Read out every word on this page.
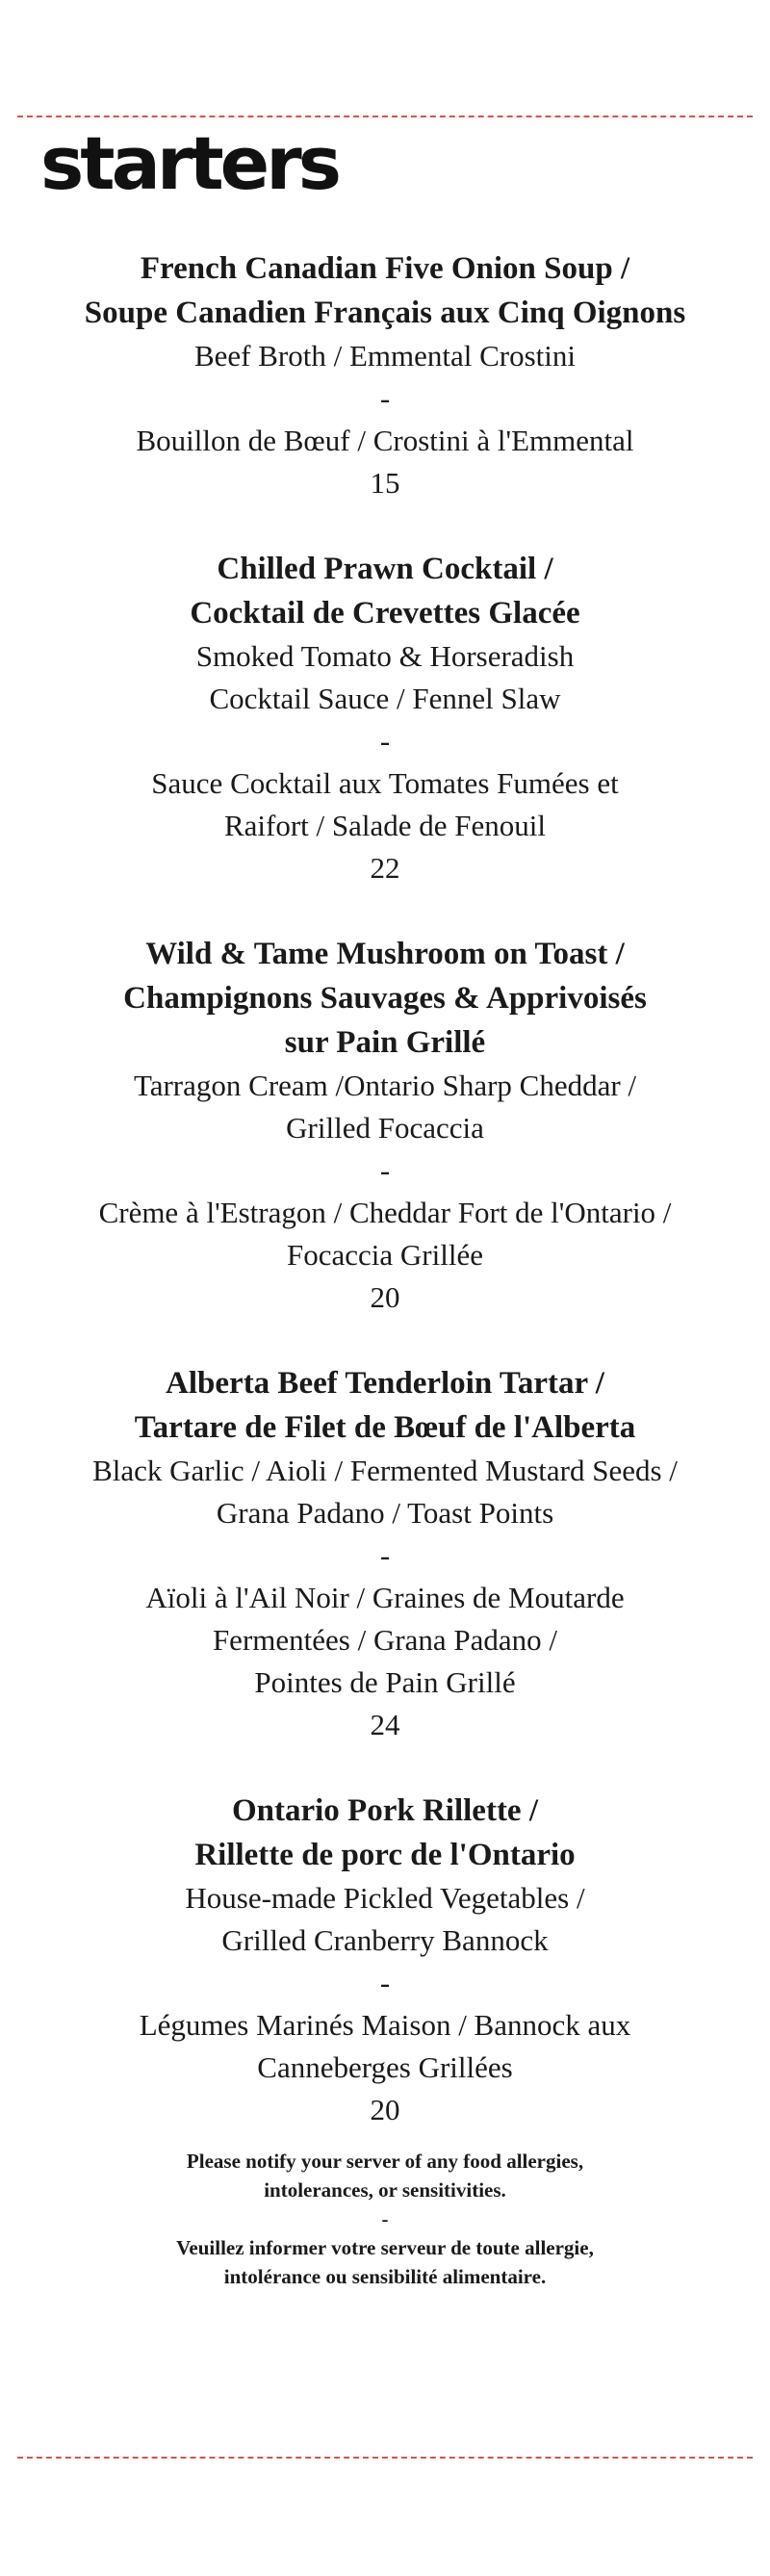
starters
French Canadian Five Onion Soup /
Soupe Canadien Français aux Cinq Oignons
Beef Broth / Emmental Crostini
-
Bouillon de Bœuf / Crostini à l'Emmental
15
Chilled Prawn Cocktail /
Cocktail de Crevettes Glacée
Smoked Tomato & Horseradish
Cocktail Sauce / Fennel Slaw
-
Sauce Cocktail aux Tomates Fumées et
Raifort / Salade de Fenouil
22
Wild & Tame Mushroom on Toast /
Champignons Sauvages & Apprivoisés
sur Pain Grillé
Tarragon Cream /Ontario Sharp Cheddar /
Grilled Focaccia
-
Crème à l'Estragon / Cheddar Fort de l'Ontario /
Focaccia Grillée
20
Alberta Beef Tenderloin Tartar /
Tartare de Filet de Bœuf de l'Alberta
Black Garlic / Aioli / Fermented Mustard Seeds /
Grana Padano / Toast Points
-
Aïoli à l'Ail Noir / Graines de Moutarde
Fermentées / Grana Padano /
Pointes de Pain Grillé
24
Ontario Pork Rillette /
Rillette de porc de l'Ontario
House-made Pickled Vegetables /
Grilled Cranberry Bannock
-
Légumes Marinés Maison / Bannock aux
Canneberges Grillées
20
Please notify your server of any food allergies,
intolerances, or sensitivities.
-
Veuillez informer votre serveur de toute allergie,
intolérance ou sensibilité alimentaire.
